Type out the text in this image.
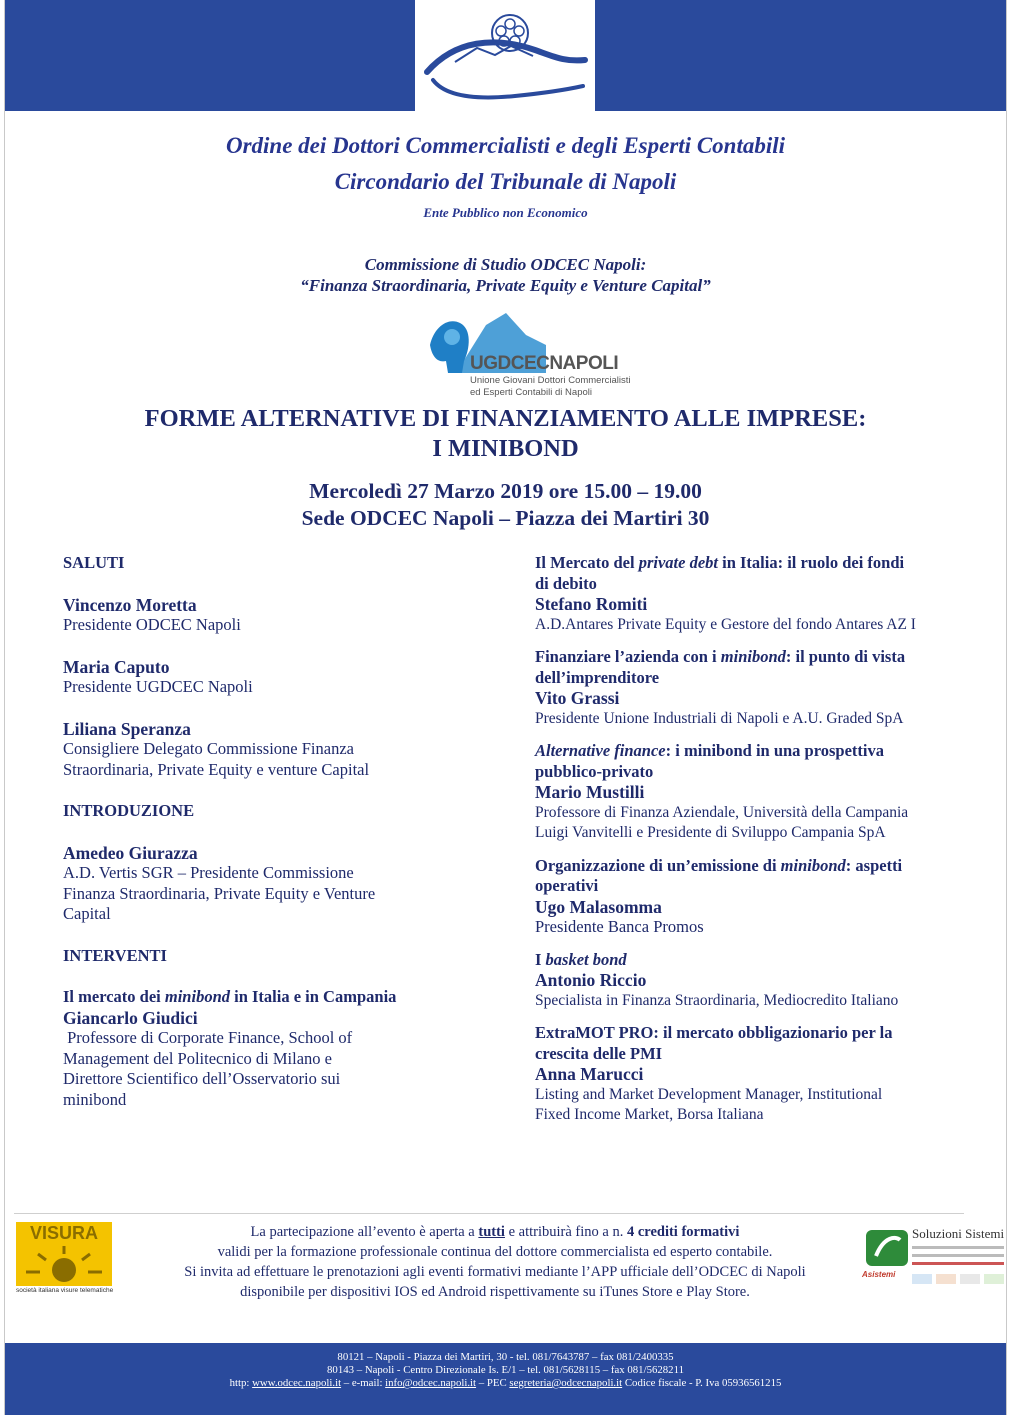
Ordine dei Dottori Commercialisti e degli Esperti Contabili
Circondario del Tribunale di Napoli
Ente Pubblico non Economico
Commissione di Studio ODCEC Napoli:
“Finanza Straordinaria, Private Equity e Venture Capital”
UGDCECNAPOLI
Unione Giovani Dottori Commercialisti
ed Esperti Contabili di Napoli
FORME ALTERNATIVE DI FINANZIAMENTO ALLE IMPRESE:
I MINIBOND
Mercoledì 27 Marzo 2019 ore 15.00 – 19.00
Sede ODCEC Napoli – Piazza dei Martiri 30
SALUTI
Vincenzo Moretta
Presidente ODCEC Napoli
Maria Caputo
Presidente UGDCEC Napoli
Liliana Speranza
Consigliere Delegato Commissione Finanza
Straordinaria, Private Equity e venture Capital
INTRODUZIONE
Amedeo Giurazza
A.D. Vertis SGR – Presidente Commissione
Finanza Straordinaria, Private Equity e Venture
Capital
INTERVENTI
Il mercato dei minibond in Italia e in Campania
Giancarlo Giudici
Professore di Corporate Finance, School of
Management del Politecnico di Milano e
Direttore Scientifico dell’Osservatorio sui
minibond
Il Mercato del private debt in Italia: il ruolo dei fondi
di debito
Stefano Romiti
A.D.Antares Private Equity e Gestore del fondo Antares AZ I
Finanziare l’azienda con i minibond: il punto di vista
dell’imprenditore
Vito Grassi
Presidente Unione Industriali di Napoli e A.U. Graded SpA
Alternative finance: i minibond in una prospettiva
pubblico-privato
Mario Mustilli
Professore di Finanza Aziendale, Università della Campania
Luigi Vanvitelli e Presidente di Sviluppo Campania SpA
Organizzazione di un’emissione di minibond: aspetti
operativi
Ugo Malasomma
Presidente Banca Promos
I basket bond
Antonio Riccio
Specialista in Finanza Straordinaria, Mediocredito Italiano
ExtraMOT PRO: il mercato obbligazionario per la
crescita delle PMI
Anna Marucci
Listing and Market Development Manager, Institutional
Fixed Income Market, Borsa Italiana
VISURA
società italiana visure telematiche
La partecipazione all’evento è aperta a tutti e attribuirà fino a n. 4 crediti formativi
validi per la formazione professionale continua del dottore commercialista ed esperto contabile.
Si invita ad effettuare le prenotazioni agli eventi formativi mediante l’APP ufficiale dell’ODCEC di Napoli
disponibile per dispositivi IOS ed Android rispettivamente su iTunes Store e Play Store.
Soluzioni Sistemi
Asistemi
80121 – Napoli - Piazza dei Martiri, 30 - tel. 081/7643787 – fax 081/2400335
80143 – Napoli - Centro Direzionale Is. E/1 – tel. 081/5628115 – fax 081/5628211
http: www.odcec.napoli.it – e-mail: info@odcec.napoli.it – PEC segreteria@odcecnapoli.it Codice fiscale - P. Iva 05936561215
